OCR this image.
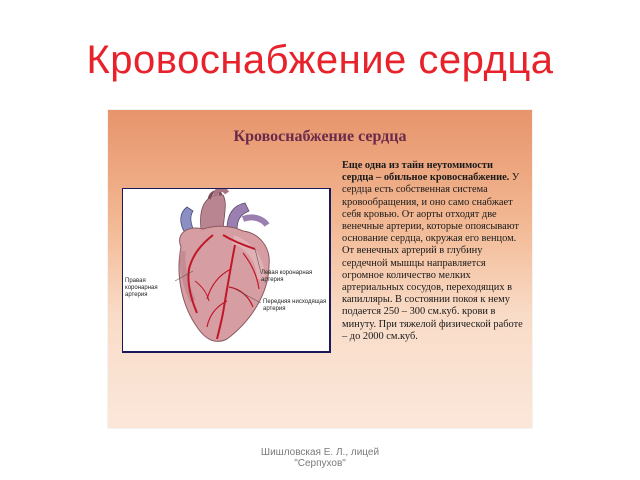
Кровоснабжение сердца
Кровоснабжение сердца
Левая коронарная артерия
Правая коронарная артерия
Передняя нисходящая артерия
Еще одна из тайн неутомимости сердца – обильное кровоснабжение. У сердца есть собственная система кровообращения, и оно само снабжает себя кровью. От аорты отходят две венечные артерии, которые опоясывают основание сердца, окружая его венцом. От венечных артерий в глубину сердечной мышцы направляется огромное количество мелких артериальных сосудов, переходящих в капилляры. В состоянии покоя к нему подается 250 – 300 см.куб. крови в минуту. При тяжелой физической работе – до 2000 см.куб.
Шишловская Е. Л., лицей
"Серпухов"
